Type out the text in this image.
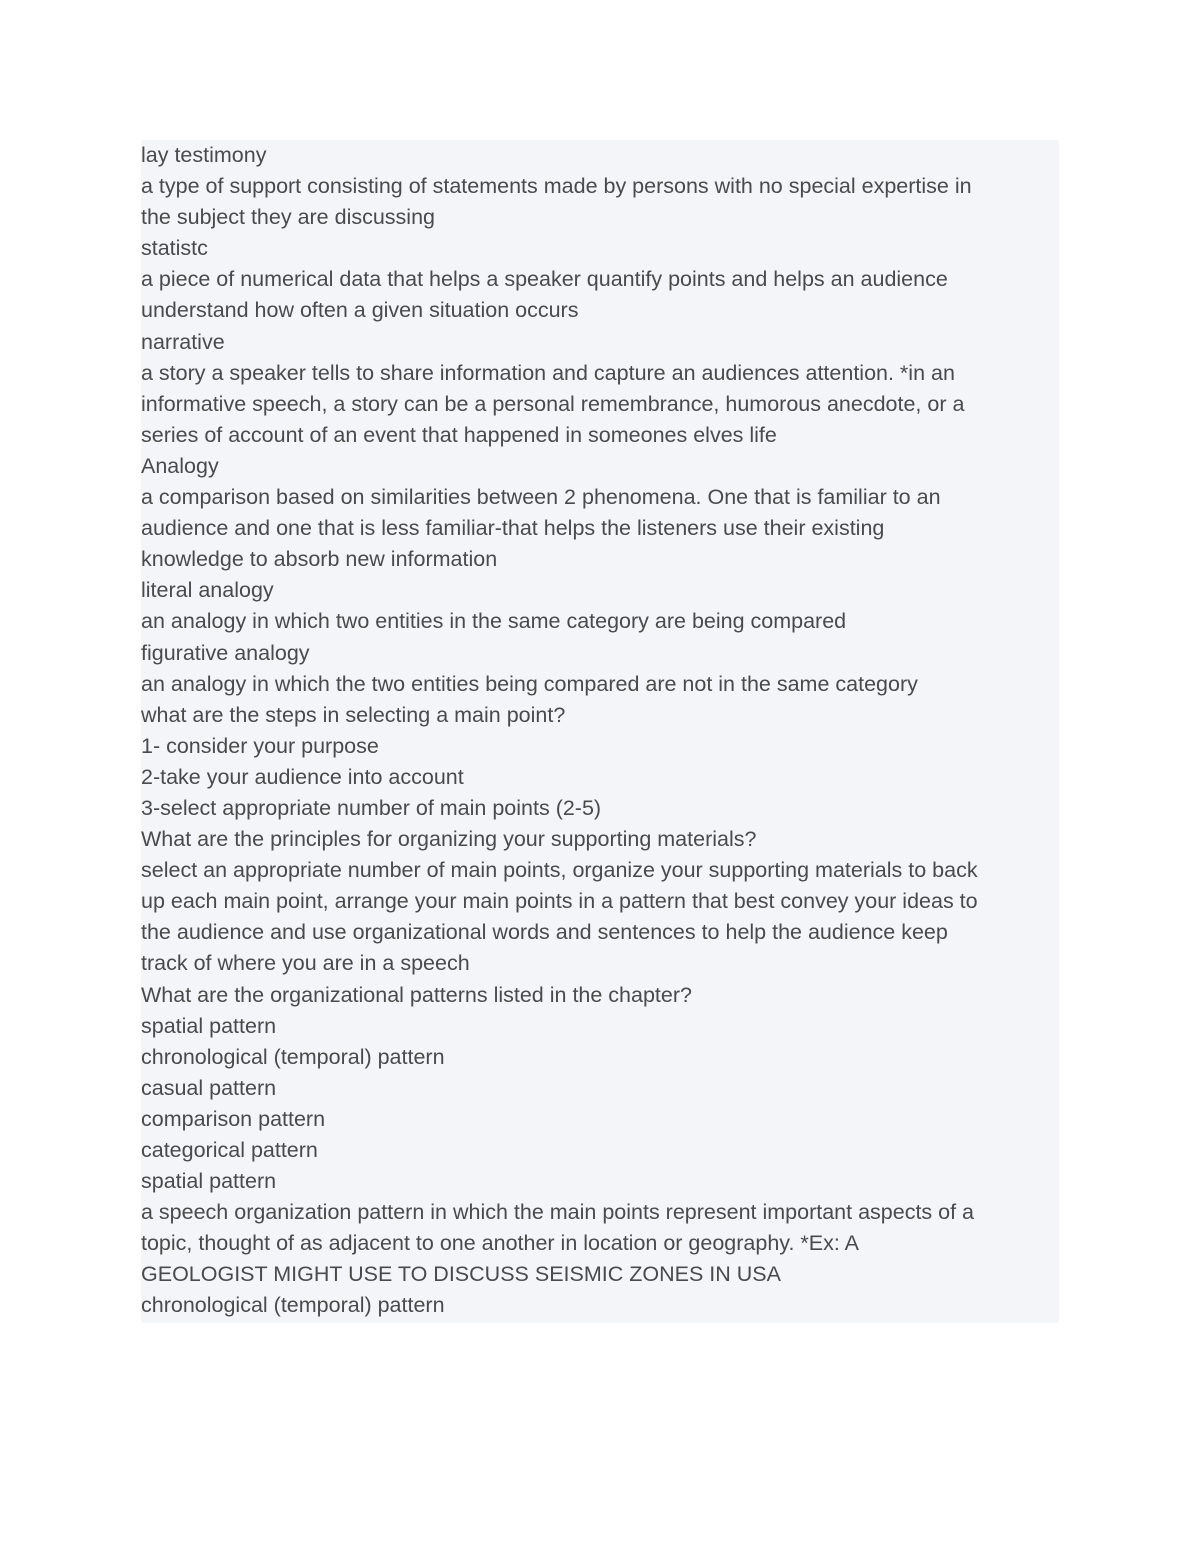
lay testimony

a type of support consisting of statements made by persons with no special expertise in

the subject they are discussing

statistc

a piece of numerical data that helps a speaker quantify points and helps an audience

understand how often a given situation occurs

narrative

a story a speaker tells to share information and capture an audiences attention. *in an

informative speech, a story can be a personal remembrance, humorous anecdote, or a

series of account of an event that happened in someones elves life

Analogy

a comparison based on similarities between 2 phenomena. One that is familiar to an

audience and one that is less familiar-that helps the listeners use their existing

knowledge to absorb new information

literal analogy

an analogy in which two entities in the same category are being compared

figurative analogy

an analogy in which the two entities being compared are not in the same category

what are the steps in selecting a main point?

1- consider your purpose

2-take your audience into account

3-select appropriate number of main points (2-5)

What are the principles for organizing your supporting materials?

select an appropriate number of main points, organize your supporting materials to back

up each main point, arrange your main points in a pattern that best convey your ideas to

the audience and use organizational words and sentences to help the audience keep

track of where you are in a speech

What are the organizational patterns listed in the chapter?

spatial pattern

chronological (temporal) pattern

casual pattern

comparison pattern

categorical pattern

spatial pattern

a speech organization pattern in which the main points represent important aspects of a

topic, thought of as adjacent to one another in location or geography. *Ex: A

GEOLOGIST MIGHT USE TO DISCUSS SEISMIC ZONES IN USA

chronological (temporal) pattern
